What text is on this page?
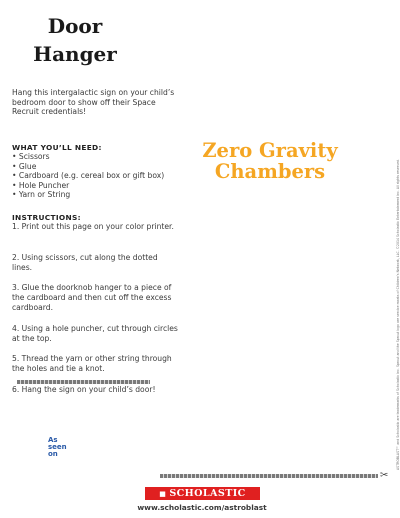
Door
Hanger
Hang this intergalactic sign on your child’s bedroom door to show off their Space Recruit credentials!
WHAT YOU’LL NEED:
• Scissors
• Glue
• Cardboard (e.g. cereal box or gift box)
• Hole Puncher
• Yarn or String
INSTRUCTIONS:
1. Print out this page on your color printer.
2. Using scissors, cut along the dotted lines.
3. Glue the doorknob hanger to a piece of the cardboard and then cut off the excess cardboard.
4. Using a hole puncher, cut through circles at the top.
5. Thread the yarn or other string through the holes and tie a knot.
6. Hang the sign on your child’s door!
Zero Gravity
Chambers	ASTROBLAST™ and Scholastic are trademarks of Scholastic Inc. Sprout and the Sprout logo are service marks of Children’s Network, LLC. ©2014 Scholastic Entertainment Inc. All rights reserved.
As
seen
on
✂
■ SCHOLASTIC
www.scholastic.com/astroblast
